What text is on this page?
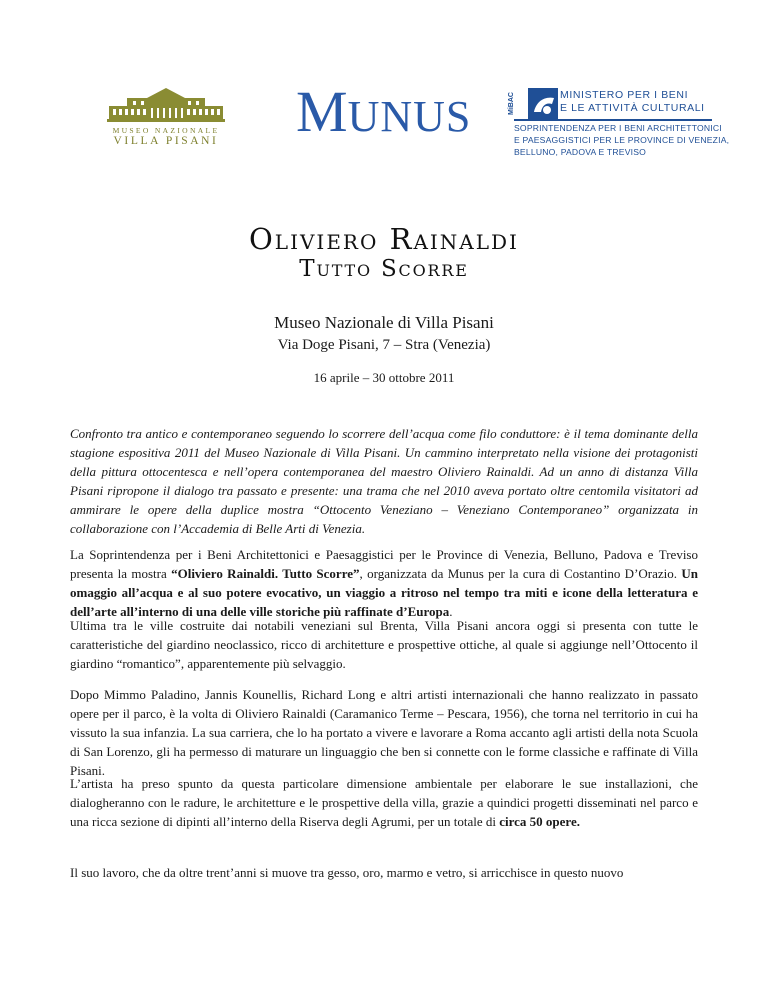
MUSEO NAZIONALE
VILLA PISANI MUNUS	MiBAC	MINISTERO PER I BENI
E LE ATTIVITÀ CULTURALI
SOPRINTENDENZA PER I BENI ARCHITETTONICI
E PAESAGGISTICI PER LE PROVINCE DI VENEZIA,
BELLUNO, PADOVA E TREVISO
Oliviero Rainaldi
Tutto Scorre
Museo Nazionale di Villa Pisani
Via Doge Pisani, 7 – Stra (Venezia)
16 aprile – 30 ottobre 2011

Confronto tra antico e contemporaneo seguendo lo scorrere dell’acqua come filo conduttore: è il tema dominante della stagione espositiva 2011 del Museo Nazionale di Villa Pisani. Un cammino interpretato nella visione dei protagonisti della pittura ottocentesca e nell’opera contemporanea del maestro Oliviero Rainaldi. Ad un anno di distanza Villa Pisani ripropone il dialogo tra passato e presente: una trama che nel 2010 aveva portato oltre centomila visitatori ad ammirare le opere della duplice mostra “Ottocento Veneziano – Veneziano Contemporaneo” organizzata in collaborazione con l’Accademia di Belle Arti di Venezia.

La Soprintendenza per i Beni Architettonici e Paesaggistici per le Province di Venezia, Belluno, Padova e Treviso presenta la mostra “Oliviero Rainaldi. Tutto Scorre”, organizzata da Munus per la cura di Costantino D’Orazio. Un omaggio all’acqua e al suo potere evocativo, un viaggio a ritroso nel tempo tra miti e icone della letteratura e dell’arte all’interno di una delle ville storiche più raffinate d’Europa.

Ultima tra le ville costruite dai notabili veneziani sul Brenta, Villa Pisani ancora oggi si presenta con tutte le caratteristiche del giardino neoclassico, ricco di architetture e prospettive ottiche, al quale si aggiunge nell’Ottocento il giardino “romantico”, apparentemente più selvaggio.

Dopo Mimmo Paladino, Jannis Kounellis, Richard Long e altri artisti internazionali che hanno realizzato in passato opere per il parco, è la volta di Oliviero Rainaldi (Caramanico Terme – Pescara, 1956), che torna nel territorio in cui ha vissuto la sua infanzia. La sua carriera, che lo ha portato a vivere e lavorare a Roma accanto agli artisti della nota Scuola di San Lorenzo, gli ha permesso di maturare un linguaggio che ben si connette con le forme classiche e raffinate di Villa Pisani.

L’artista ha preso spunto da questa particolare dimensione ambientale per elaborare le sue installazioni, che dialogheranno con le radure, le architetture e le prospettive della villa, grazie a quindici progetti disseminati nel parco e una ricca sezione di dipinti all’interno della Riserva degli Agrumi, per un totale di circa 50 opere.

Il suo lavoro, che da oltre trent’anni si muove tra gesso, oro, marmo e vetro, si arricchisce in questo nuovo
